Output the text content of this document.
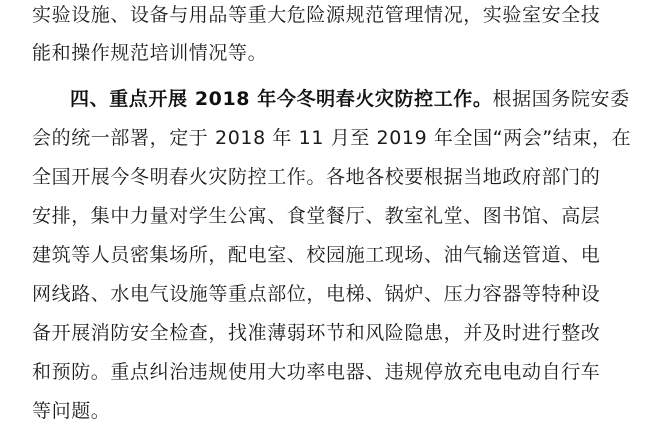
实验设施、设备与用品等重大危险源规范管理情况，实验室安全技
能和操作规范培训情况等。
四、重点开展 2018 年今冬明春火灾防控工作。根据国务院安委
会的统一部署，定于 2018 年 11 月至 2019 年全国“两会”结束，在
全国开展今冬明春火灾防控工作。各地各校要根据当地政府部门的
安排，集中力量对学生公寓、食堂餐厅、教室礼堂、图书馆、高层
建筑等人员密集场所，配电室、校园施工现场、油气输送管道、电
网线路、水电气设施等重点部位，电梯、锅炉、压力容器等特种设
备开展消防安全检查，找准薄弱环节和风险隐患，并及时进行整改
和预防。重点纠治违规使用大功率电器、违规停放充电电动自行车
等问题。
